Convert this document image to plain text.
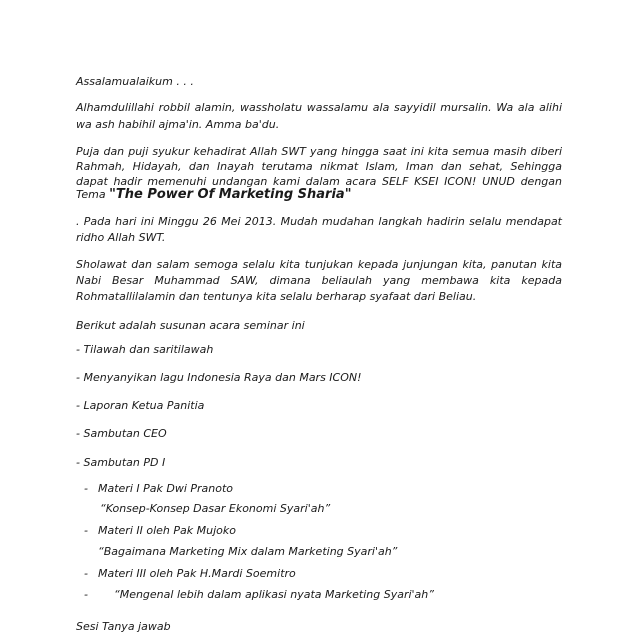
Assalamualaikum . . .
Alhamdulillahi robbil alamin, wassholatu wassalamu ala sayyidil mursalin. Wa ala alihi
wa ash habihil ajma'in. Amma ba'du.
Puja dan puji syukur kehadirat Allah SWT yang hingga saat ini kita semua masih diberi
Rahmah, Hidayah, dan Inayah terutama nikmat Islam, Iman dan sehat, Sehingga
dapat hadir memenuhi undangan kami dalam acara SELF KSEI ICON! UNUD dengan
Tema "The Power Of Marketing Sharia"
. Pada hari ini Minggu 26 Mei 2013. Mudah mudahan langkah hadirin selalu mendapat
ridho Allah SWT.
Sholawat dan salam semoga selalu kita tunjukan kepada junjungan kita, panutan kita
Nabi Besar Muhammad SAW, dimana beliaulah yang membawa kita kepada
Rohmatallilalamin dan tentunya kita selalu berharap syafaat dari Beliau.
Berikut adalah susunan acara seminar ini
- Tilawah dan saritilawah
- Menyanyikan lagu Indonesia Raya dan Mars ICON!
- Laporan Ketua Panitia
- Sambutan CEO
- Sambutan PD I
- Materi I Pak Dwi Pranoto
“Konsep-Konsep Dasar Ekonomi Syari'ah”
- Materi II oleh Pak Mujoko
“Bagaimana Marketing Mix dalam Marketing Syari'ah”
- Materi III oleh Pak H.Mardi Soemitro
- “Mengenal lebih dalam aplikasi nyata Marketing Syari'ah”
Sesi Tanya jawab
